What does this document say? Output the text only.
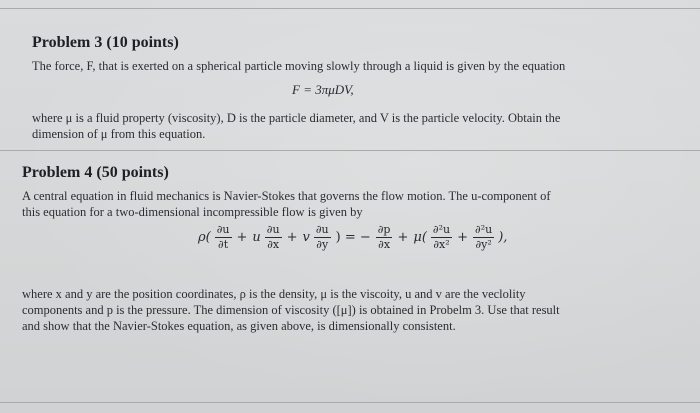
Problem 3 (10 points)
The force, F, that is exerted on a spherical particle moving slowly through a liquid is given by the equation
F = 3πμDV,
where μ is a fluid property (viscosity), D is the particle diameter, and V is the particle velocity. Obtain the
dimension of μ from this equation.
Problem 4 (50 points)
A central equation in fluid mechanics is Navier-Stokes that governs the flow motion. The u-component of
this equation for a two-dimensional incompressible flow is given by
$\rho( \frac{\partial u}{\partial t} + u \frac{\partial u}{\partial x} + v \frac{\partial u}{\partial y}$ ) = − $\frac{\partial p}{\partial x} + \mu( \frac{\text{∂²u}}{\text{∂x²}} + \frac{\text{∂²u}}{\text{∂y²}}$ ),
where x and y are the position coordinates, ρ is the density, μ is the viscoity, u and v are the veclolity
components and p is the pressure. The dimension of viscosity ([μ]) is obtained in Probelm 3. Use that result
and show that the Navier-Stokes equation, as given above, is dimensionally consistent.
